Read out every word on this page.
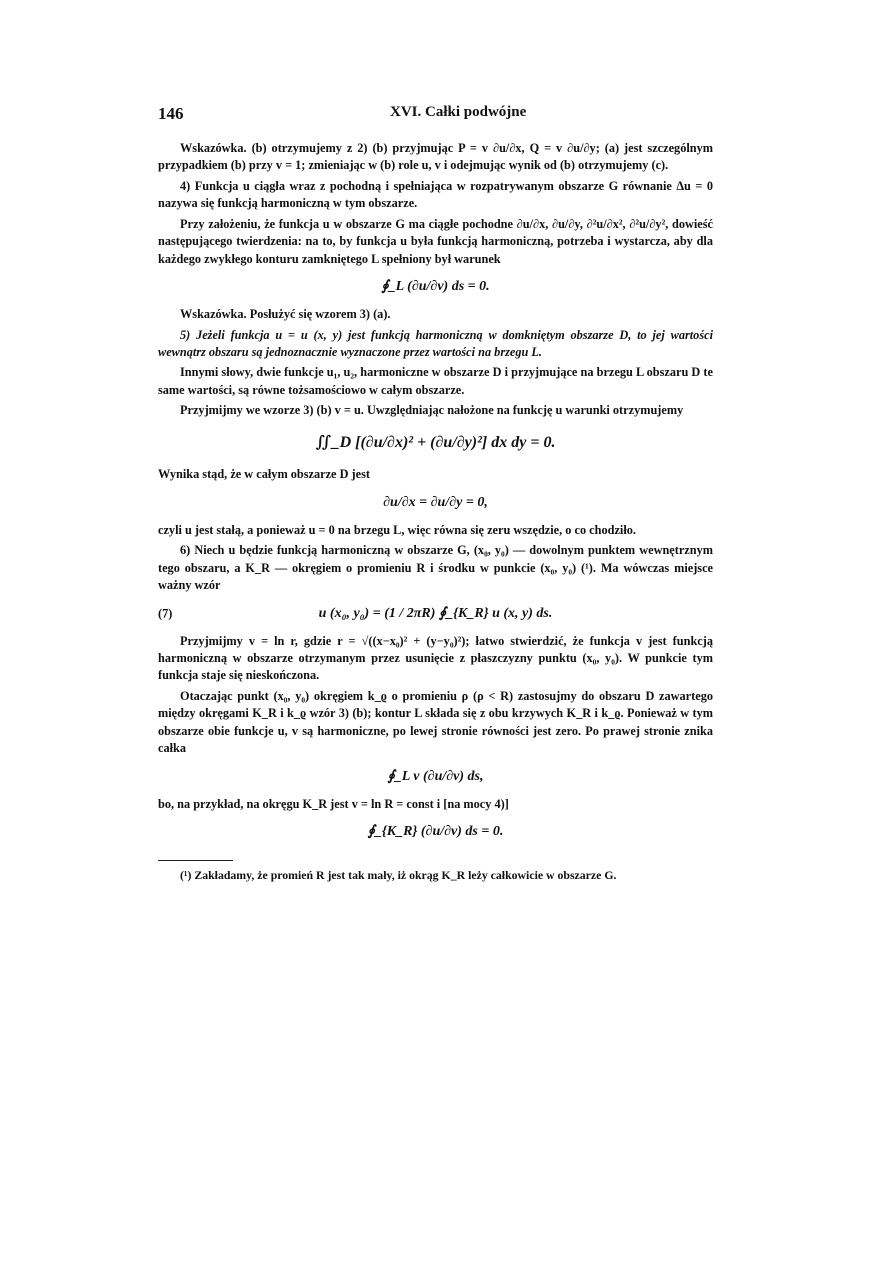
146	XVI. Całki podwójne

Wskazówka. (b) otrzymujemy z 2) (b) przyjmując P = v ∂u/∂x, Q = v ∂u/∂y; (a) jest szczególnym przypadkiem (b) przy v = 1; zmieniając w (b) role u, v i odejmując wynik od (b) otrzymujemy (c).

4) Funkcja u ciągła wraz z pochodną i spełniająca w rozpatrywanym obszarze G równanie Δu = 0 nazywa się funkcją harmoniczną w tym obszarze.

Przy założeniu, że funkcja u w obszarze G ma ciągłe pochodne ∂u/∂x, ∂u/∂y, ∂²u/∂x², ∂²u/∂y², dowieść następującego twierdzenia: na to, by funkcja u była funkcją harmoniczną, potrzeba i wystarcza, aby dla każdego zwykłego konturu zamkniętego L spełniony był warunek

∮_L (∂u/∂ν) ds = 0.

Wskazówka. Posłużyć się wzorem 3) (a).

5) Jeżeli funkcja u = u (x, y) jest funkcją harmoniczną w domkniętym obszarze D, to jej wartości wewnątrz obszaru są jednoznacznie wyznaczone przez wartości na brzegu L.

Innymi słowy, dwie funkcje u₁, u₂, harmoniczne w obszarze D i przyjmujące na brzegu L obszaru D te same wartości, są równe tożsamościowo w całym obszarze.

Przyjmijmy we wzorze 3) (b) v = u. Uwzględniając nałożone na funkcję u warunki otrzymujemy

∬_D [(∂u/∂x)² + (∂u/∂y)²] dx dy = 0.

Wynika stąd, że w całym obszarze D jest

∂u/∂x = ∂u/∂y = 0,

czyli u jest stałą, a ponieważ u = 0 na brzegu L, więc równa się zeru wszędzie, o co chodziło.

6) Niech u będzie funkcją harmoniczną w obszarze G, (x₀, y₀) — dowolnym punktem wewnętrznym tego obszaru, a K_R — okręgiem o promieniu R i środku w punkcie (x₀, y₀) (¹). Ma wówczas miejsce ważny wzór

(7)	u (x₀, y₀) = (1 / 2πR) ∮_{K_R} u (x, y) ds.

Przyjmijmy v = ln r, gdzie r = √((x−x₀)² + (y−y₀)²); łatwo stwierdzić, że funkcja v jest funkcją harmoniczną w obszarze otrzymanym przez usunięcie z płaszczyzny punktu (x₀, y₀). W punkcie tym funkcja staje się nieskończona.

Otaczając punkt (x₀, y₀) okręgiem k_ϱ o promieniu ρ (ρ < R) zastosujmy do obszaru D zawartego między okręgami K_R i k_ϱ wzór 3) (b); kontur L składa się z obu krzywych K_R i k_ϱ. Ponieważ w tym obszarze obie funkcje u, v są harmoniczne, po lewej stronie równości jest zero. Po prawej stronie znika całka

∮_L v (∂u/∂ν) ds,

bo, na przykład, na okręgu K_R jest v = ln R = const i [na mocy 4)]

∮_{K_R} (∂u/∂ν) ds = 0.

(¹) Zakładamy, że promień R jest tak mały, iż okrąg K_R leży całkowicie w obszarze G.
